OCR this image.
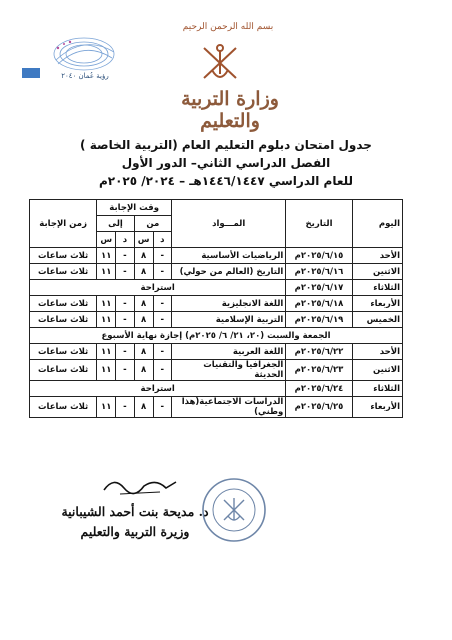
بسم الله الرحمن الرحيم
وزارة التربية والتعليم
رؤية عُمان ٢٠٤٠
جدول امتحان دبلوم التعليم العام (التربية الخاصة )
الفصل الدراسي الثاني– الدور الأول
للعام الدراسي ١٤٤٦/١٤٤٧هـ – ٢٠٢٤/ ٢٠٢٥م
اليوم	التاريخ	المـــواد	وقت الإجابة				زمن الإجابة
			من		إلى		
			د	س	د	س	
الأحد	٢٠٢٥/٦/١٥م	الرياضيات الأساسية	-	٨	-	١١	ثلاث ساعات
الاثنين	٢٠٢٥/٦/١٦م	التاريخ (العالم من حولي)	-	٨	-	١١	ثلاث ساعات
الثلاثاء	٢٠٢٥/٦/١٧م	استراحة					
الأربعاء	٢٠٢٥/٦/١٨م	اللغة الانجليزية	-	٨	-	١١	ثلاث ساعات
الخميس	٢٠٢٥/٦/١٩م	التربية الإسلامية	-	٨	-	١١	ثلاث ساعات
الجمعة والسبت (٢٠، ٢١/ ٦/ ٢٠٢٥م) إجازة نهاية الأسبوع							
الأحد	٢٠٢٥/٦/٢٢م	اللغة العربية	-	٨	-	١١	ثلاث ساعات
الاثنين	٢٠٢٥/٦/٢٣م	الجغرافيا والتقنيات الحديثة	-	٨	-	١١	ثلاث ساعات
الثلاثاء	٢٠٢٥/٦/٢٤م	استراحة					
الأربعاء	٢٠٢٥/٦/٢٥م	الدراسات الاجتماعية(هذا وطني)	-	٨	-	١١	ثلاث ساعات
د. مديحة بنت أحمد الشيبانية
وزيرة التربية والتعليم
